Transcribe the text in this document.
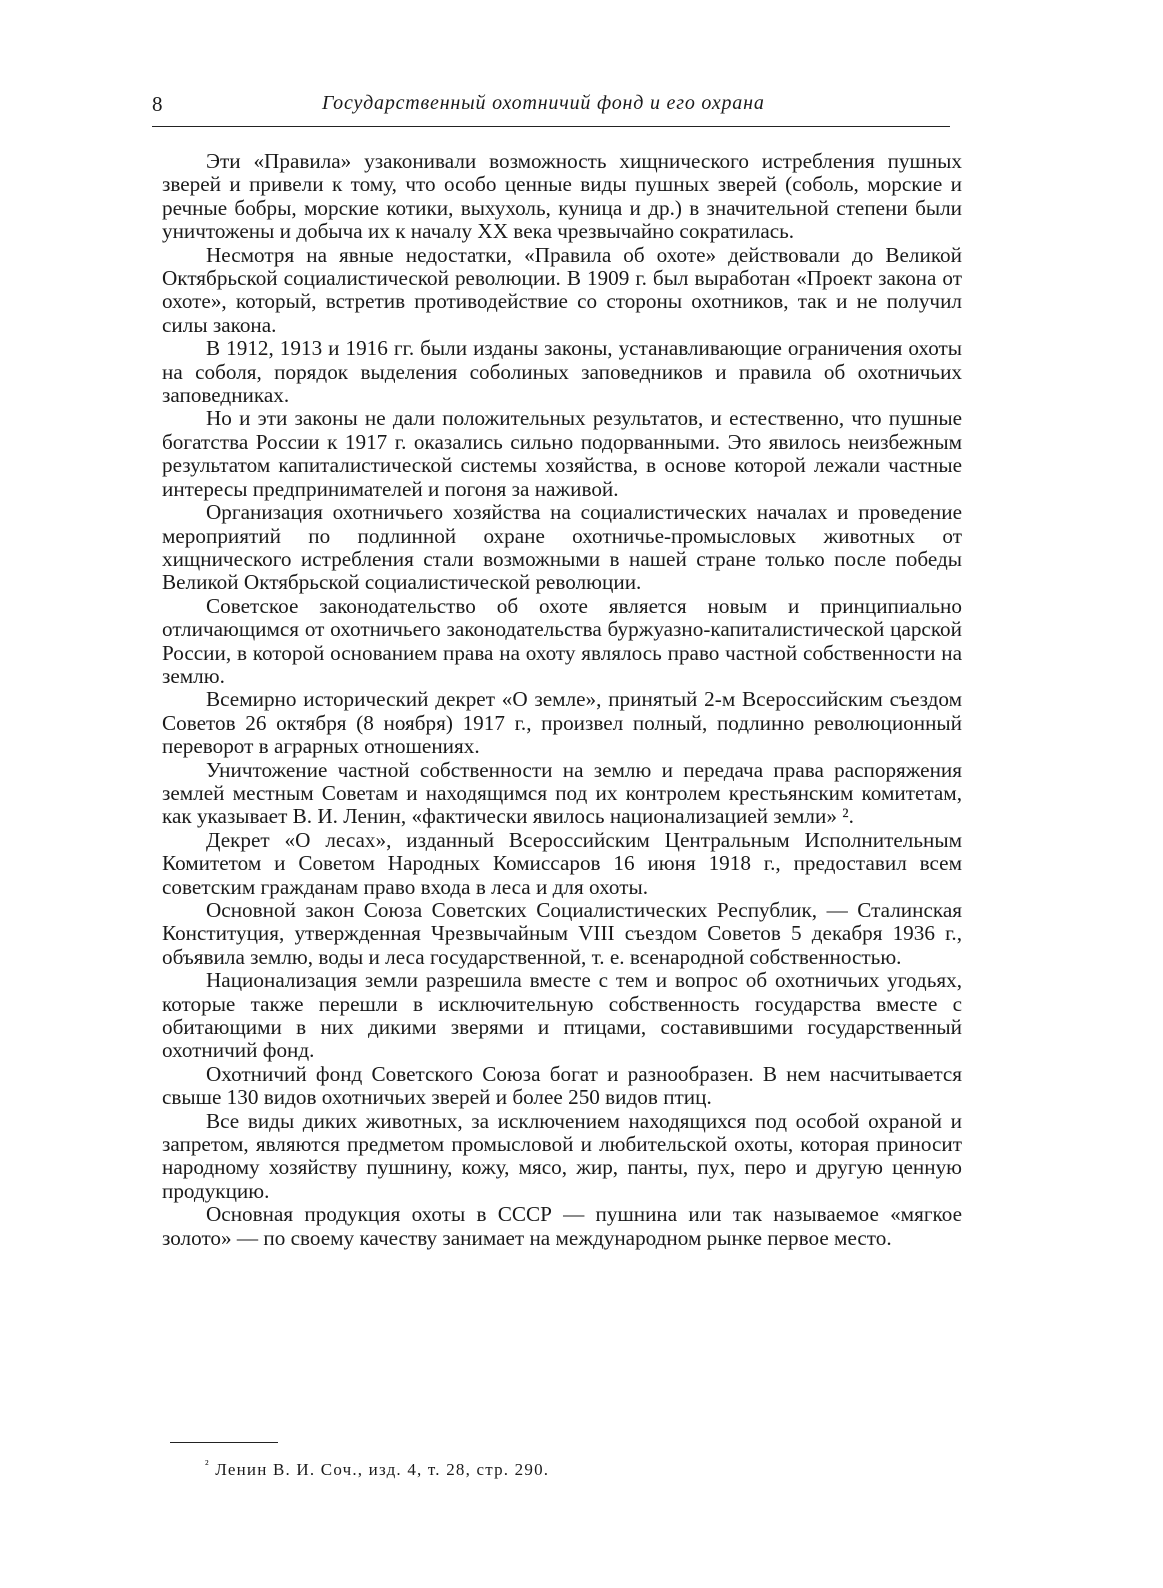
8	Государственный охотничий фонд и его охрана

Эти «Правила» узаконивали возможность хищнического истребления пушных зверей и привели к тому, что особо ценные виды пушных зверей (соболь, морские и речные бобры, морские котики, выхухоль, куница и др.) в значительной степени были уничтожены и добыча их к началу XX века чрезвычайно сократилась.

Несмотря на явные недостатки, «Правила об охоте» действовали до Великой Октябрьской социалистической революции. В 1909 г. был выработан «Проект закона от охоте», который, встретив противодействие со стороны охотников, так и не получил силы закона.

В 1912, 1913 и 1916 гг. были изданы законы, устанавливающие ограничения охоты на соболя, порядок выделения соболиных заповедников и правила об охотничьих заповедниках.

Но и эти законы не дали положительных результатов, и естественно, что пушные богатства России к 1917 г. оказались сильно подорванными. Это явилось неизбежным результатом капиталистической системы хозяйства, в основе которой лежали частные интересы предпринимателей и погоня за наживой.

Организация охотничьего хозяйства на социалистических началах и проведение мероприятий по подлинной охране охотничье-промысловых животных от хищнического истребления стали возможными в нашей стране только после победы Великой Октябрьской социалистической революции.

Советское законодательство об охоте является новым и принципиально отличающимся от охотничьего законодательства буржуазно-капиталистической царской России, в которой основанием права на охоту являлось право частной собственности на землю.

Всемирно исторический декрет «О земле», принятый 2-м Всероссийским съездом Советов 26 октября (8 ноября) 1917 г., произвел полный, подлинно революционный переворот в аграрных отношениях.

Уничтожение частной собственности на землю и передача права распоряжения землей местным Советам и находящимся под их контролем крестьянским комитетам, как указывает В. И. Ленин, «фактически явилось национализацией земли» ².

Декрет «О лесах», изданный Всероссийским Центральным Исполнительным Комитетом и Советом Народных Комиссаров 16 июня 1918 г., предоставил всем советским гражданам право входа в леса и для охоты.

Основной закон Союза Советских Социалистических Республик, — Сталинская Конституция, утвержденная Чрезвычайным VIII съездом Советов 5 декабря 1936 г., объявила землю, воды и леса государственной, т. е. всенародной собственностью.

Национализация земли разрешила вместе с тем и вопрос об охотничьих угодьях, которые также перешли в исключительную собственность государства вместе с обитающими в них дикими зверями и птицами, составившими государственный охотничий фонд.

Охотничий фонд Советского Союза богат и разнообразен. В нем насчитывается свыше 130 видов охотничьих зверей и более 250 видов птиц.

Все виды диких животных, за исключением находящихся под особой охраной и запретом, являются предметом промысловой и любительской охоты, которая приносит народному хозяйству пушнину, кожу, мясо, жир, панты, пух, перо и другую ценную продукцию.

Основная продукция охоты в СССР — пушнина или так называемое «мягкое золото» — по своему качеству занимает на международном рынке первое место.

$^{^2}$ Ленин В. И. Соч., изд. 4, т. 28, стр. 290.
